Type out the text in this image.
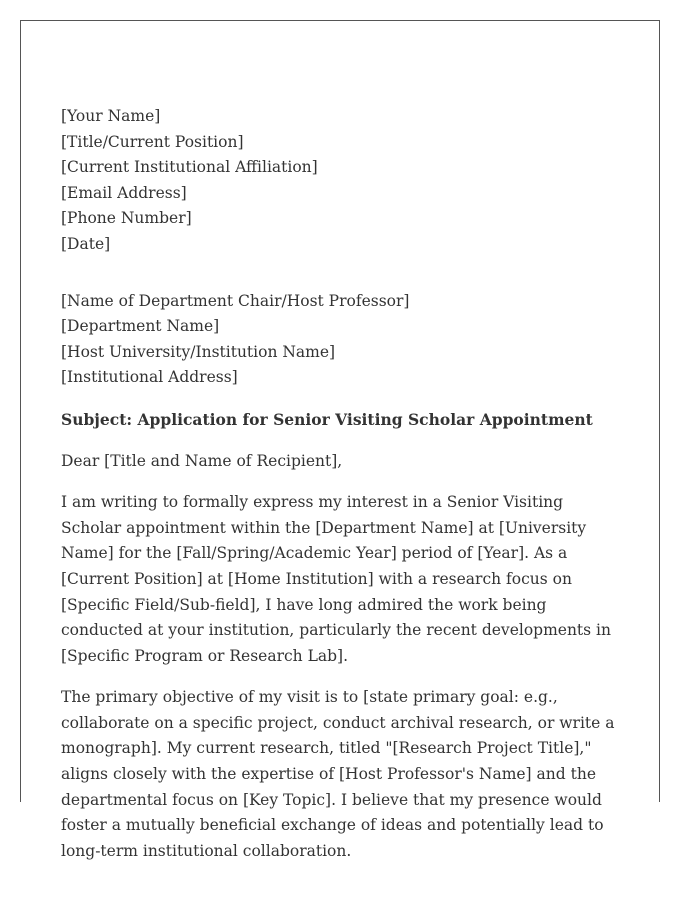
[Your Name]
[Title/Current Position]
[Current Institutional Affiliation]
[Email Address]
[Phone Number]
[Date]
[Name of Department Chair/Host Professor]
[Department Name]
[Host University/Institution Name]
[Institutional Address]
Subject: Application for Senior Visiting Scholar Appointment
Dear [Title and Name of Recipient],

I am writing to formally express my interest in a Senior Visiting Scholar appointment within the [Department Name] at [University Name] for the [Fall/Spring/Academic Year] period of [Year]. As a [Current Position] at [Home Institution] with a research focus on [Specific Field/Sub-field], I have long admired the work being conducted at your institution, particularly the recent developments in [Specific Program or Research Lab].

The primary objective of my visit is to [state primary goal: e.g., collaborate on a specific project, conduct archival research, or write a monograph]. My current research, titled "[Research Project Title]," aligns closely with the expertise of [Host Professor's Name] and the departmental focus on [Key Topic]. I believe that my presence would foster a mutually beneficial exchange of ideas and potentially lead to long-term institutional collaboration.
